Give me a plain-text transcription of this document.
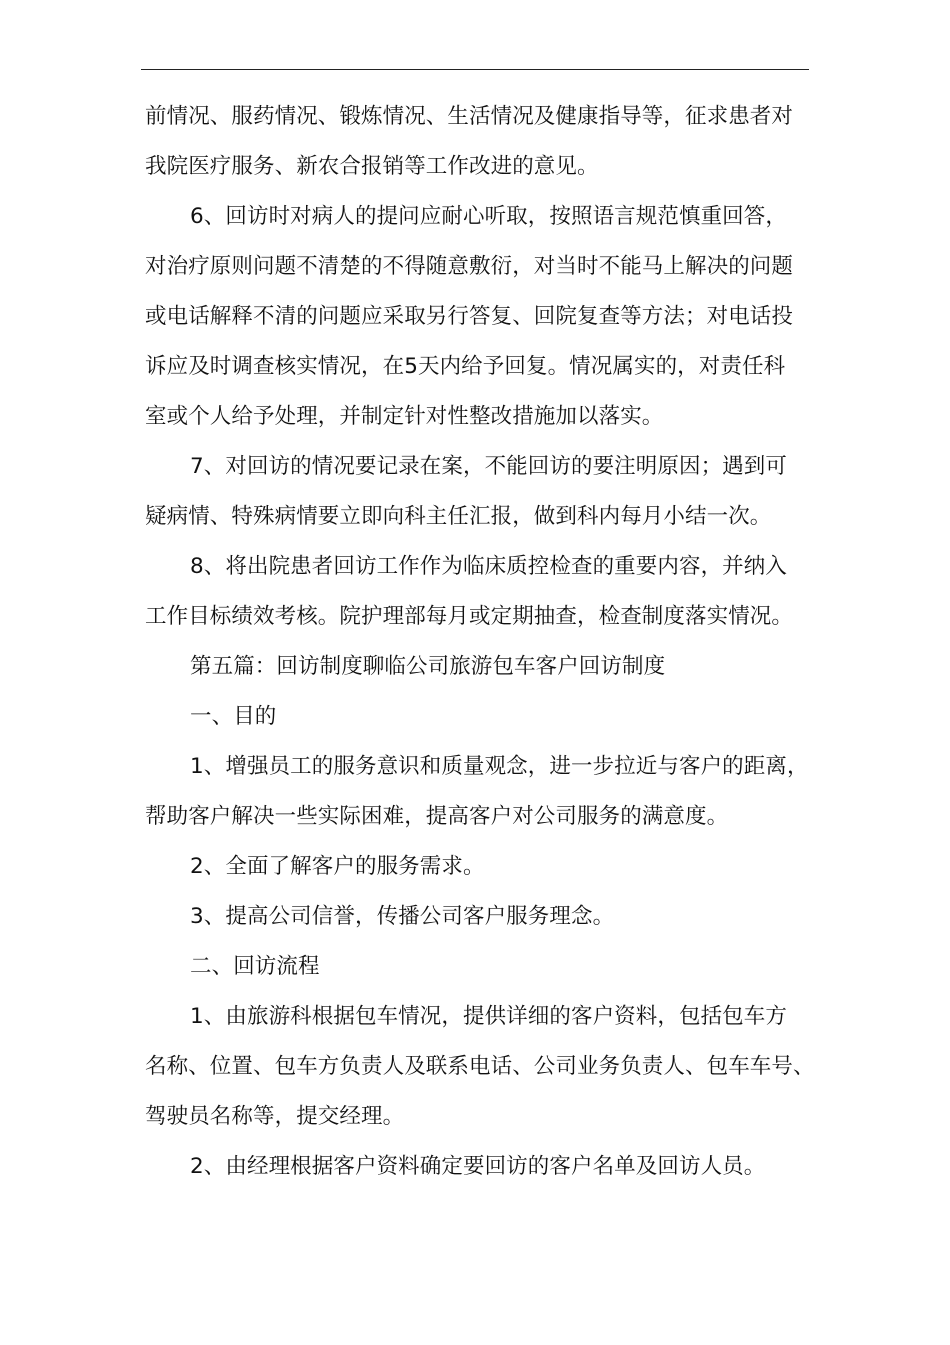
前情况、服药情况、锻炼情况、生活情况及健康指导等，征求患者对
我院医疗服务、新农合报销等工作改进的意见。
6、回访时对病人的提问应耐心听取，按照语言规范慎重回答，
对治疗原则问题不清楚的不得随意敷衍，对当时不能马上解决的问题
或电话解释不清的问题应采取另行答复、回院复查等方法；对电话投
诉应及时调查核实情况，在5天内给予回复。情况属实的，对责任科
室或个人给予处理，并制定针对性整改措施加以落实。
7、对回访的情况要记录在案，不能回访的要注明原因；遇到可
疑病情、特殊病情要立即向科主任汇报，做到科内每月小结一次。
8、将出院患者回访工作作为临床质控检查的重要内容，并纳入
工作目标绩效考核。院护理部每月或定期抽查，检查制度落实情况。
第五篇：回访制度聊临公司旅游包车客户回访制度
一、目的
1、增强员工的服务意识和质量观念，进一步拉近与客户的距离，
帮助客户解决一些实际困难，提高客户对公司服务的满意度。
2、全面了解客户的服务需求。
3、提高公司信誉，传播公司客户服务理念。
二、回访流程
1、由旅游科根据包车情况，提供详细的客户资料，包括包车方
名称、位置、包车方负责人及联系电话、公司业务负责人、包车车号、
驾驶员名称等，提交经理。
2、由经理根据客户资料确定要回访的客户名单及回访人员。
